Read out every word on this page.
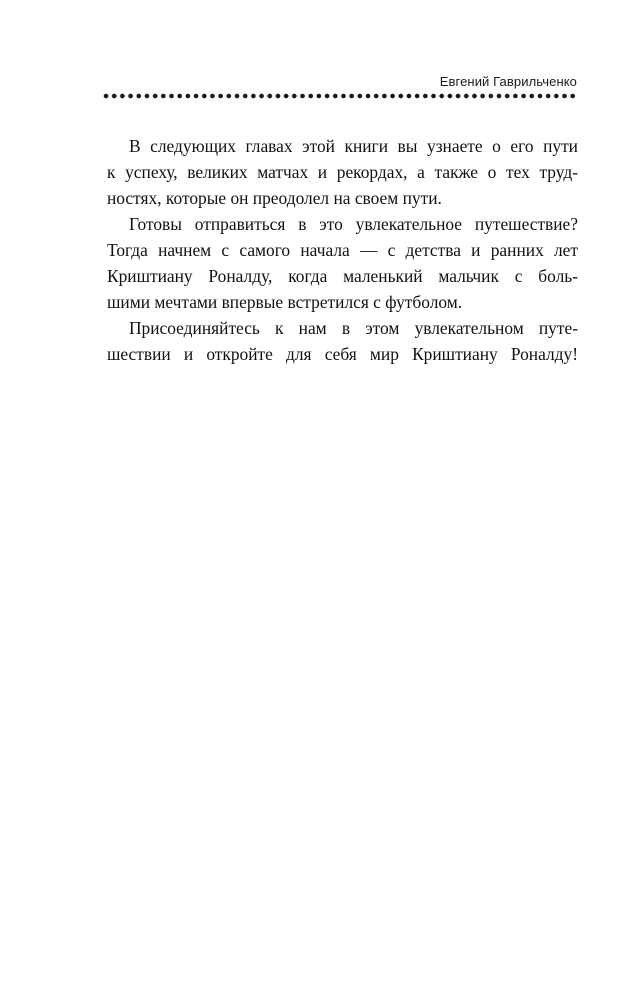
Евгений Гаврильченко
В следующих главах этой книги вы узнаете о его пути
к успеху, великих матчах и рекордах, а также о тех труд-
ностях, которые он преодолел на своем пути.
Готовы отправиться в это увлекательное путешествие?
Тогда начнем с самого начала — с детства и ранних лет
Криштиану Роналду, когда маленький мальчик с боль-
шими мечтами впервые встретился с футболом.
Присоединяйтесь к нам в этом увлекательном путе-
шествии и откройте для себя мир Криштиану Роналду!
